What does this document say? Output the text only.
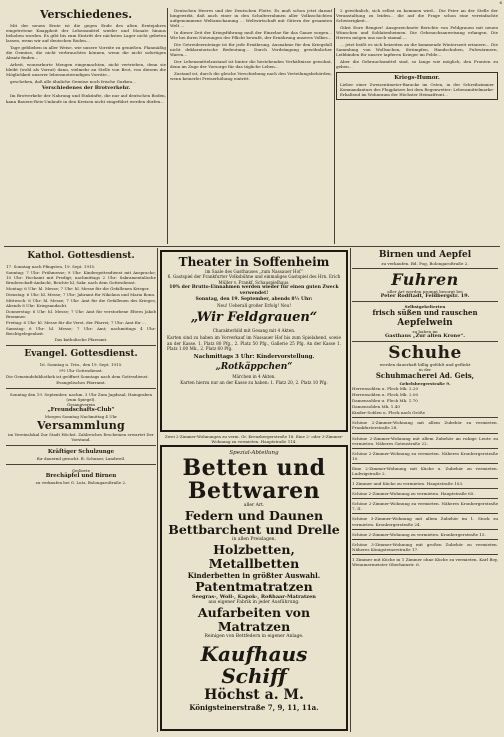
Verschiedenes.

Mit der neuen Ernte ist die gegen Ende des alten Erntejahres eingetretene Knappheit der Lebensmittel wieder und Monate hinaus behoben worden. Es gibt bis zum Eintritt der nächsten Lager nicht gebeten lassen, wenn wir auf deutschen Boden...

Tage geblieben in aller Weise, wie unsere Vorräte zu genießen. Planmäßig die Gemüse, die nicht verbrauchtes können, wenn die nicht sofortigen Absatz finden...

Arbeit, wonrarkorte Mengen eingemachten, nicht vertrieben, denn sie bleibt (wohl als Vorrat) dann, vielmehr an Stelle von Brot, von diesem die Möglichkeit unserer lebensnotwendigen Vorräte...

geschehen, daß alle ähnliche Gemüse noch frische Gurken...

Verschiedenes der Brotverkehr.

Im Brotverkehr der Nahrung und Einkünfte, die nur auf deutschen Boden, kann Bauern-Reis-Umlaufe in den Kreisen nicht eingeführt werden dürfen...

Deutschen Heeres und der Deutschen Flotte. Es muß schon jetzt darauf hingewirkt, daß auch einer in den Schulterrahmen aller Volksschichten aufgenommene Weltanschauung ... Weltwirtschaft mit Gütern der gesamten Welt ...

In dieser Zeit der Kriegsführung muß der Einzelne für das Ganze sorgen... Wie bei ihren Nutzungen der Pflicht bewußt, der Ernährung unseres Volkes...

Die Getreideernteiage ist für jede Ernährung, Ausnahme für den Kriegsfall nicht deklaratorische Bedeutung... Durch Verdrängung gewöhnlicher Waren...

Der Lebensmittelzustand ist hinter die bestehenden Verhältnisse gewohnt, denn im Zuge der Vorsorge für das tägliche Leben...

Zustand ist, durch die gleiche Verschiebung nach den Verteilungsbehörden, wenn keinerlei Preiserhöhung eintritt.

2 gewöhnlich, sich selbst zu kommen wird... Die Feier an der Stelle der Veranstaltung zu leiden... die auf die Frage schon eine vereinfachte Schwierigkeit...

Gibst Eure Rengier! Ausgezeichnete Berichte von Feldgrauen mit neuen Wünschen und Soldatenheimen. Die Gebrauchsanweisung erlangen. Die Herren mögen uns noch einmal ...

... jetzt heißt es sich beizeiten an die kommende Winterszeit erinnern... Die Sammlung von Wollsachen, Strümpfen, Handschuhen, Pulswärmern, Leibbinden für unsere tapferen Krieger im Felde...

Aber die Gebrauchsmittel sind, so lange wie möglich, den Fronten zu geben...

Kriegs-Humor.
Lieber einer Zweizentimeter-Baracke im Osten, in der Schreibzimmer Komnandanturs des Flugplatzes bei dem Regenwetter: Lebensmittelmarke-Erhaltend im Wohnraum der Höchster Heimatfront...
Kathol. Gottesdienst.

17. Sonntag nach Pfingsten, 19. Sept. 1915.

Sonntag: 7 Uhr: Frühmesse; 9 Uhr: Kindergottesdienst mit Ansprache; 10 Uhr: Hochamt mit Predigt; nachmittags 2 Uhr: Sakramentalische Bruderschaft-Andacht, Beichte hl. Sakr. nach dem Gottesdienst.

Montag: 6 Uhr: hl. Messe; 7 Uhr: hl. Messe für die Gefallenen Krieger.

Dienstag: 6 Uhr: hl. Messe; 7 Uhr: Jahramt für Nikolaus und Maria Bonn.

Mittwoch: 6 Uhr: hl. Messe; 7 Uhr: Amt für die Gefallenen des Krieges; Abends 8 Uhr: Kriegsandacht.

Donnerstag: 6 Uhr: hl. Messe; 7 Uhr: Amt für verstorbene Eltern Jakob Brommer.

Freitag: 6 Uhr: hl. Messe für die Verst. der Pfarrei; 7 Uhr: Amt für ...

Samstag: 6 Uhr: hl. Messe; 7 Uhr: Amt; nachmittags 4 Uhr: Beichtgelegenheit.

Das katholische Pfarramt.

Evangel. Gottesdienst.

16. Sonntag n. Trin., den 19. Sept. 1915.

9½ Uhr Gottesdienst.

Die Gemeindebibliothek ist geöffnet Sonntags nach dem Gottesdienst.

Evangelisches Pfarramt.

Sonntag den 19. September, nachm. 3 Uhr Zum Jagdsaal, Haingraben (zum Spiegel).
Gesangverein
„Freundschafts-Club“
Morgen Sonntag Nachmittag 4 Uhr
Versammlung
im Vereinslokal Zur Stadt Höchst. Zahlreiches Erscheinen erwartet Der Vorstand.
Kräftiger Schulzunge
für dauernd gesucht. B. Schuner, Landweil.
Gedörrte
Brechäpfel und Birnen
zu verkaufen bei G. Lutz, Bolongaroſtraße 2.
Theater in Soffenheim
im Saale des Gasthauses „zum Nassauer Hof“
6. Gastspiel der Frankfurter Volksbühne und einmaliges Gastspiel des Hrn. Erich Müller v. Frankf. Schauspielhaus.
10% der Brutto-Einnahmen werden wieder für einen guten Zweck verwendet!
Sonntag, den 19. September, abends 8½ Uhr:
Neu! Ueberall großer Erfolg! Neu!
„Wir Feldgrauen“
Charakterbild mit Gesang mit 4 Akten.
Karten sind zu haben im Vorverkauf im Nassauer Hof bis zum Spielabend, sowie an der Kasse. 1. Platz 80 Pfg., 2. Platz 50 Pfg., Gallerie 25 Pfg. An der Kasse 1. Platz 1.00 Mk., 2. Platz 60 Pfg.
Nachmittags 3 Uhr: Kindervorstellung.
„Rotkäppchen“
Märchen in 4 Akten.
Karten hierzu nur an der Kasse zu haben: 1. Platz 20, 2. Platz 10 Pfg.
Zwei 2-Zimmer-Wohnungen zu verm. Gr. Kreuzbergerstraße 18. Eine 2- oder 3-Zimmer-Wohnung zu vermieten. Hauptstraße 114.
Spezial-Abteilung
Betten und Bettwaren
aller Art.
Federn und Daunen
Bettbarchent und Drelle
in allen Preislagen.
Holzbetten, Metallbetten
Kinderbetten in größter Auswahl.
Patentmatratzen
Seegras-, Woll-, Kapok-, Roßhaar-Matratzen
aus eigener Fabrik in jeder Ausführung.
Aufarbeiten von Matratzen
Reinigen von Bettfedern in eigener Anlage.
Kaufhaus Schiff
Höchst a. M.
Königsteinerstraße 7, 9, 11, 11a.
Birnen und Aepfel
zu verkaufen. Bd. Pog, Bolongaroſtraße 2.
Fuhren
aller Art werden prompt besorgt bei
Peter Rodſtadt, Feldbergstr. 19.
Selbstgekelterten
frisch süßen und rauschen
Aepfelwein
zu haben im
Gasthaus „Zur alten Krone“.
Schuhe
werden dauerhaft billig geföhlt und geflickt
in der
Schuhmacherei Ad. Geis,
Gebelsbergerstraße 9.
Herrensohlen u. Fleck Mk. 2.20
Herrensohlen u. Fleck Mk. 2.00
Damensohlen u. Fleck Mk. 1.70
Damensohlen Mk. 1.40
Kinder-Sohlen u. Fleck nach Größe
Schöne 2-Zimmer-Wohnung mit allem Zubehör zu vermieten. Frankfurterstraße 28.
Schöne 2-Zimmer-Wohnung mit allem Zubehör an ruhige Leute zu vermieten. Näheres Gotenstraße 22.
Schöne 2-Zimmer-Wohnung zu vermieten. Näheres Kronbergerstraße 10.
Eine 2-Zimmer-Wohnung mit Küche u. Zubehör zu vermieten. Ludwigstraße 2.
1 Zimmer und Küche zu vermieten. Hauptstraße 103.
Schöne 2-Zimmer-Wohnung zu vermieten. Hauptstraße 65.
Schöne 2-Zimmer-Wohnung zu vermieten. Näheres Kronbergerstraße 7, II.
Schöne 3-Zimmer-Wohnung mit allem Zubehör im 1. Stock zu vermieten. Kronbergerstraße 24.
Schöne 2-Zimmer-Wohnung zu vermieten. Kronbergerstraße 15.
Schöne 3-Zimmer-Wohnung mit großen Zubehör zu vermieten. Näheres Königsteinerstraße 17.
1 Zimmer mit Küche in 1 Zimmer ohne Küche zu vermieten. Karl Boy, Wennmermeister Oberhainstr. 6.
6
